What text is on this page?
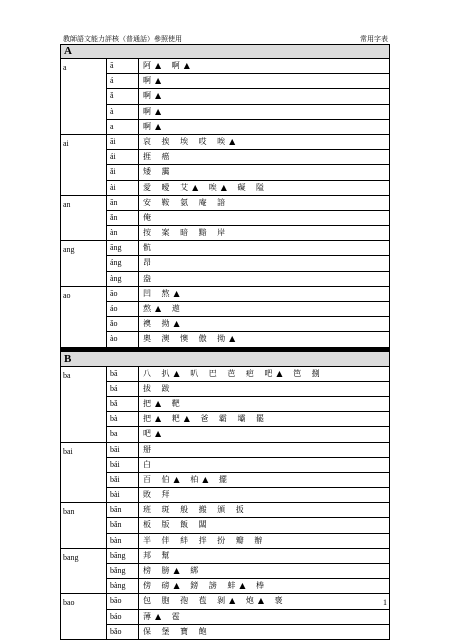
教師語文能力評核（普通話）參照使用	常用字表
A
a	ā	阿▲ 啊▲
á	啊▲
ǎ	啊▲
à	啊▲
a	啊▲
ai	āi	哀 挨 埃 哎 唉▲
ái	捱 癌
ǎi	矮 靄
ài	愛 曖 艾▲ 唉▲ 礙 隘
an	ān	安 鞍 氨 庵 諳
ǎn	俺
àn	按 案 暗 黯 岸
ang	āng	骯
áng	昂
àng	盎
ao	āo	凹 熬▲
áo	熬▲ 遨
ǎo	襖 拗▲
ào	奧 澳 懊 傲 拗▲
B
ba	bā	八 扒▲ 叭 巴 芭 疤 吧▲ 笆 捌
bá	拔 跋
bǎ	把▲ 靶
bà	把▲ 耙▲ 爸 霸 壩 罷
ba	吧▲
bai	bāi	掰
bái	白
bǎi	百 伯▲ 柏▲ 擺
bài	敗 拜
ban	bān	班 斑 般 搬 頒 扳
bǎn	板 版 飯 闆
bàn	半 伴 絆 拌 扮 瓣 辦
bang	bāng	邦 幫
bǎng	榜 膀▲ 綁
bàng	傍 磅▲ 鎊 謗 蚌▲ 棒
bao	bāo	包 胞 孢 苞 剝▲ 炮▲ 褒
báo	薄▲ 雹
bǎo	保 堡 寶 飽
1
